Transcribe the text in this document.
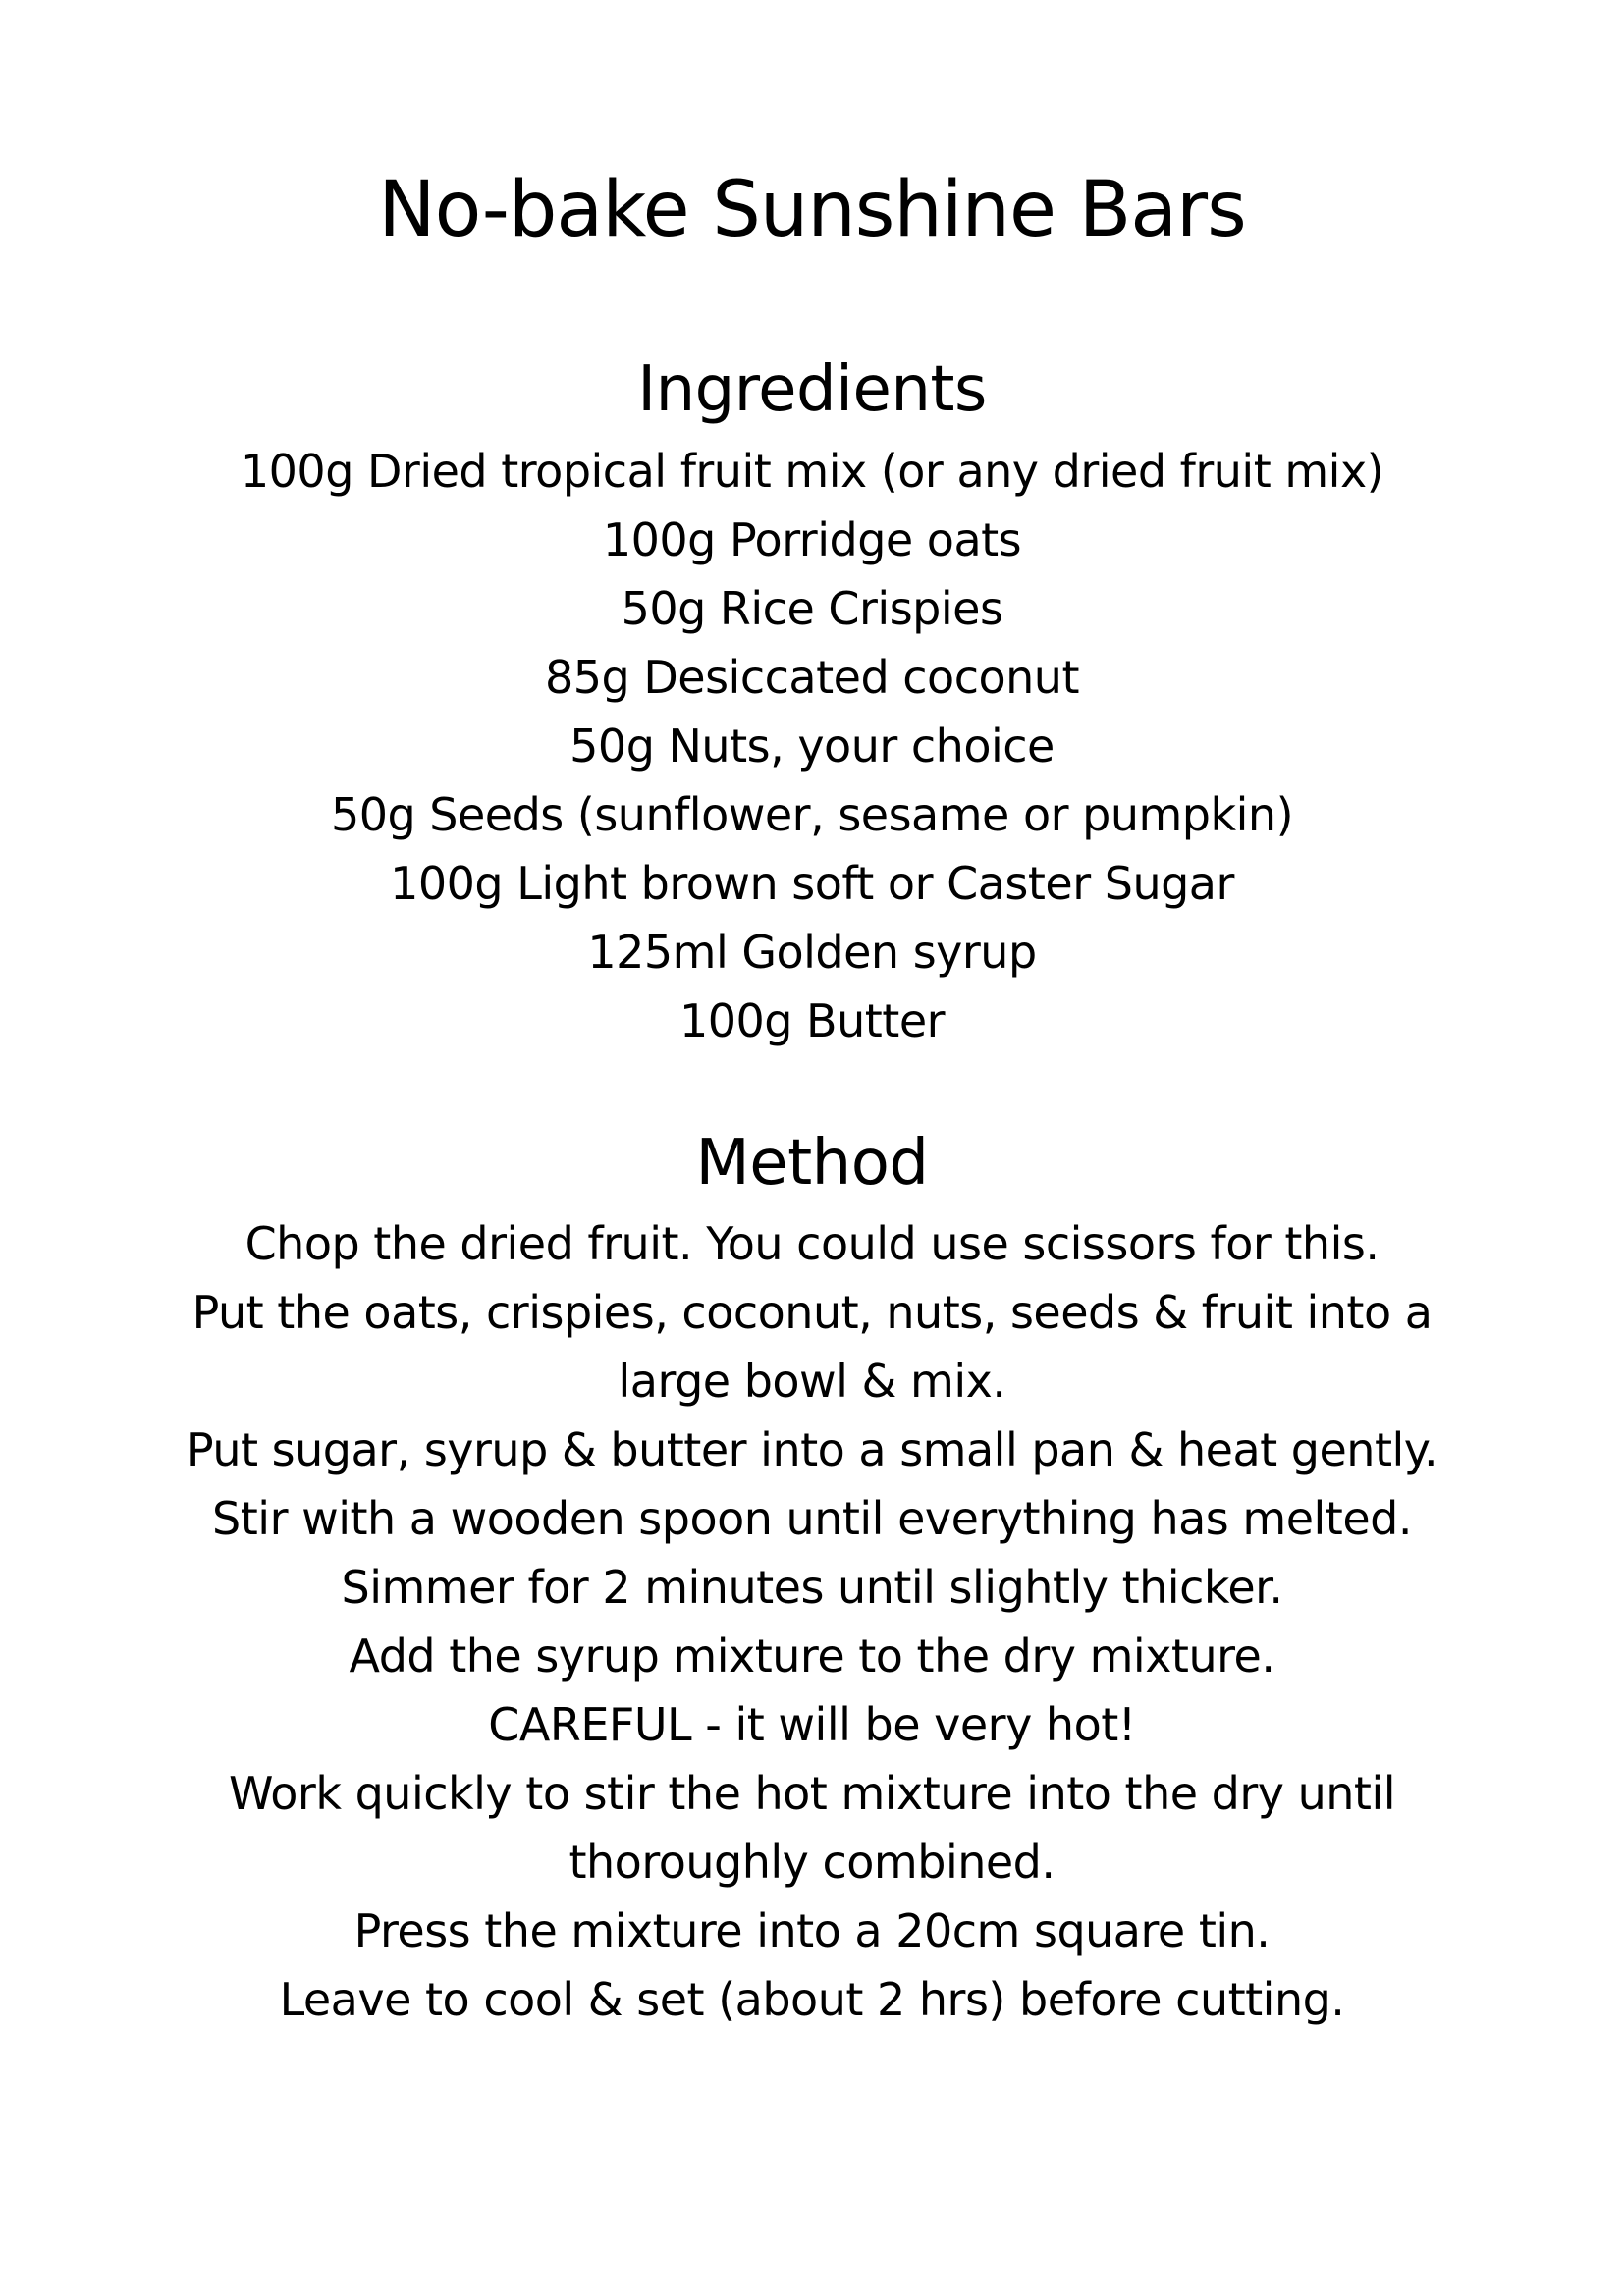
No-bake Sunshine Bars
Ingredients
100g Dried tropical fruit mix (or any dried fruit mix)
100g Porridge oats
50g Rice Crispies
85g Desiccated coconut
50g Nuts, your choice
50g Seeds (sunflower, sesame or pumpkin)
100g Light brown soft or Caster Sugar
125ml Golden syrup
100g Butter
Method
Chop the dried fruit. You could use scissors for this.
Put the oats, crispies, coconut, nuts, seeds & fruit into a
large bowl & mix.
Put sugar, syrup & butter into a small pan & heat gently.
Stir with a wooden spoon until everything has melted.
Simmer for 2 minutes until slightly thicker.
Add the syrup mixture to the dry mixture.
CAREFUL - it will be very hot!
Work quickly to stir the hot mixture into the dry until
thoroughly combined.
Press the mixture into a 20cm square tin.
Leave to cool & set (about 2 hrs) before cutting.
